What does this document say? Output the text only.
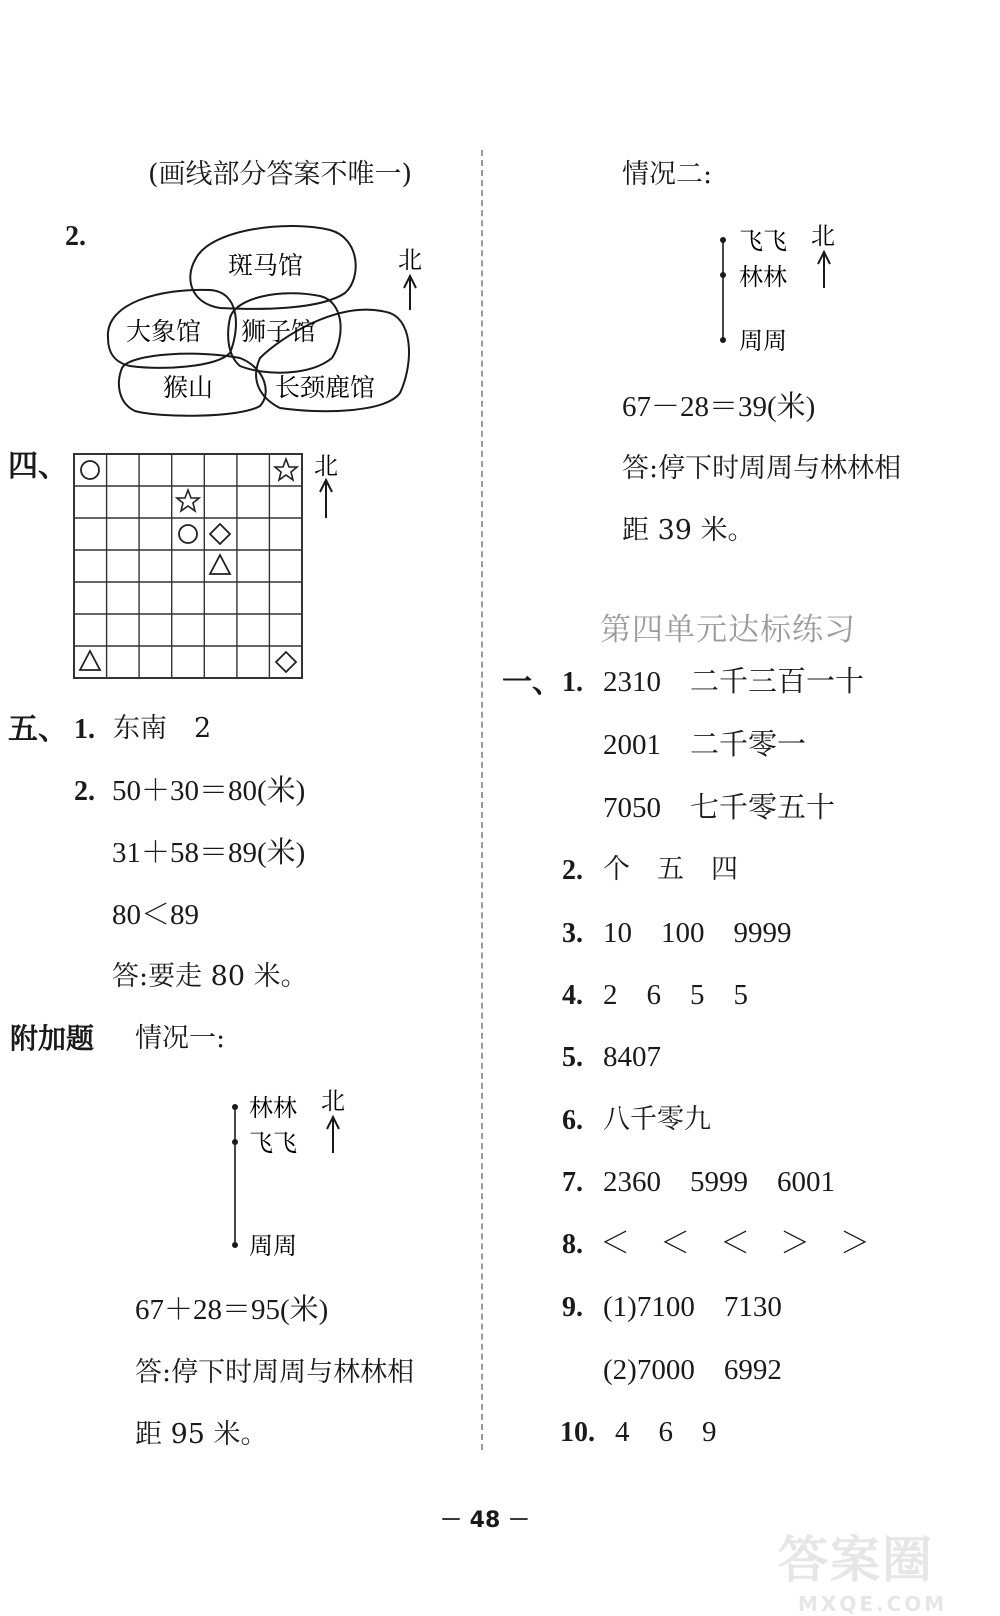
(画线部分答案不唯一)
2.
斑马馆
大象馆 狮子馆
猴山 长颈鹿馆
北
四、	北
五、 1. 东南　2
2. 50＋30＝80(米)
31＋58＝89(米)
80＜89
答:要走 80 米。
附加题 情况一:
林林
飞飞
周周
北
67＋28＝95(米)
答:停下时周周与林林相
距 95 米。
情况二:
飞飞
林林
周周
北
67－28＝39(米)
答:停下时周周与林林相
距 39 米。
第四单元达标练习
一、 1. 2310　二千三百一十
2001　二千零一
7050　七千零五十
2. 个　五　四
3. 10　100　9999
4. 2　6　5　5
5. 8407
6. 八千零九
7. 2360　5999　6001
8. ＜　＜　＜　＞　＞
9. (1)7100　7130
(2)7000　6992
10. 4　6　9
－ 48 －
答案圈
MXQE.COM
